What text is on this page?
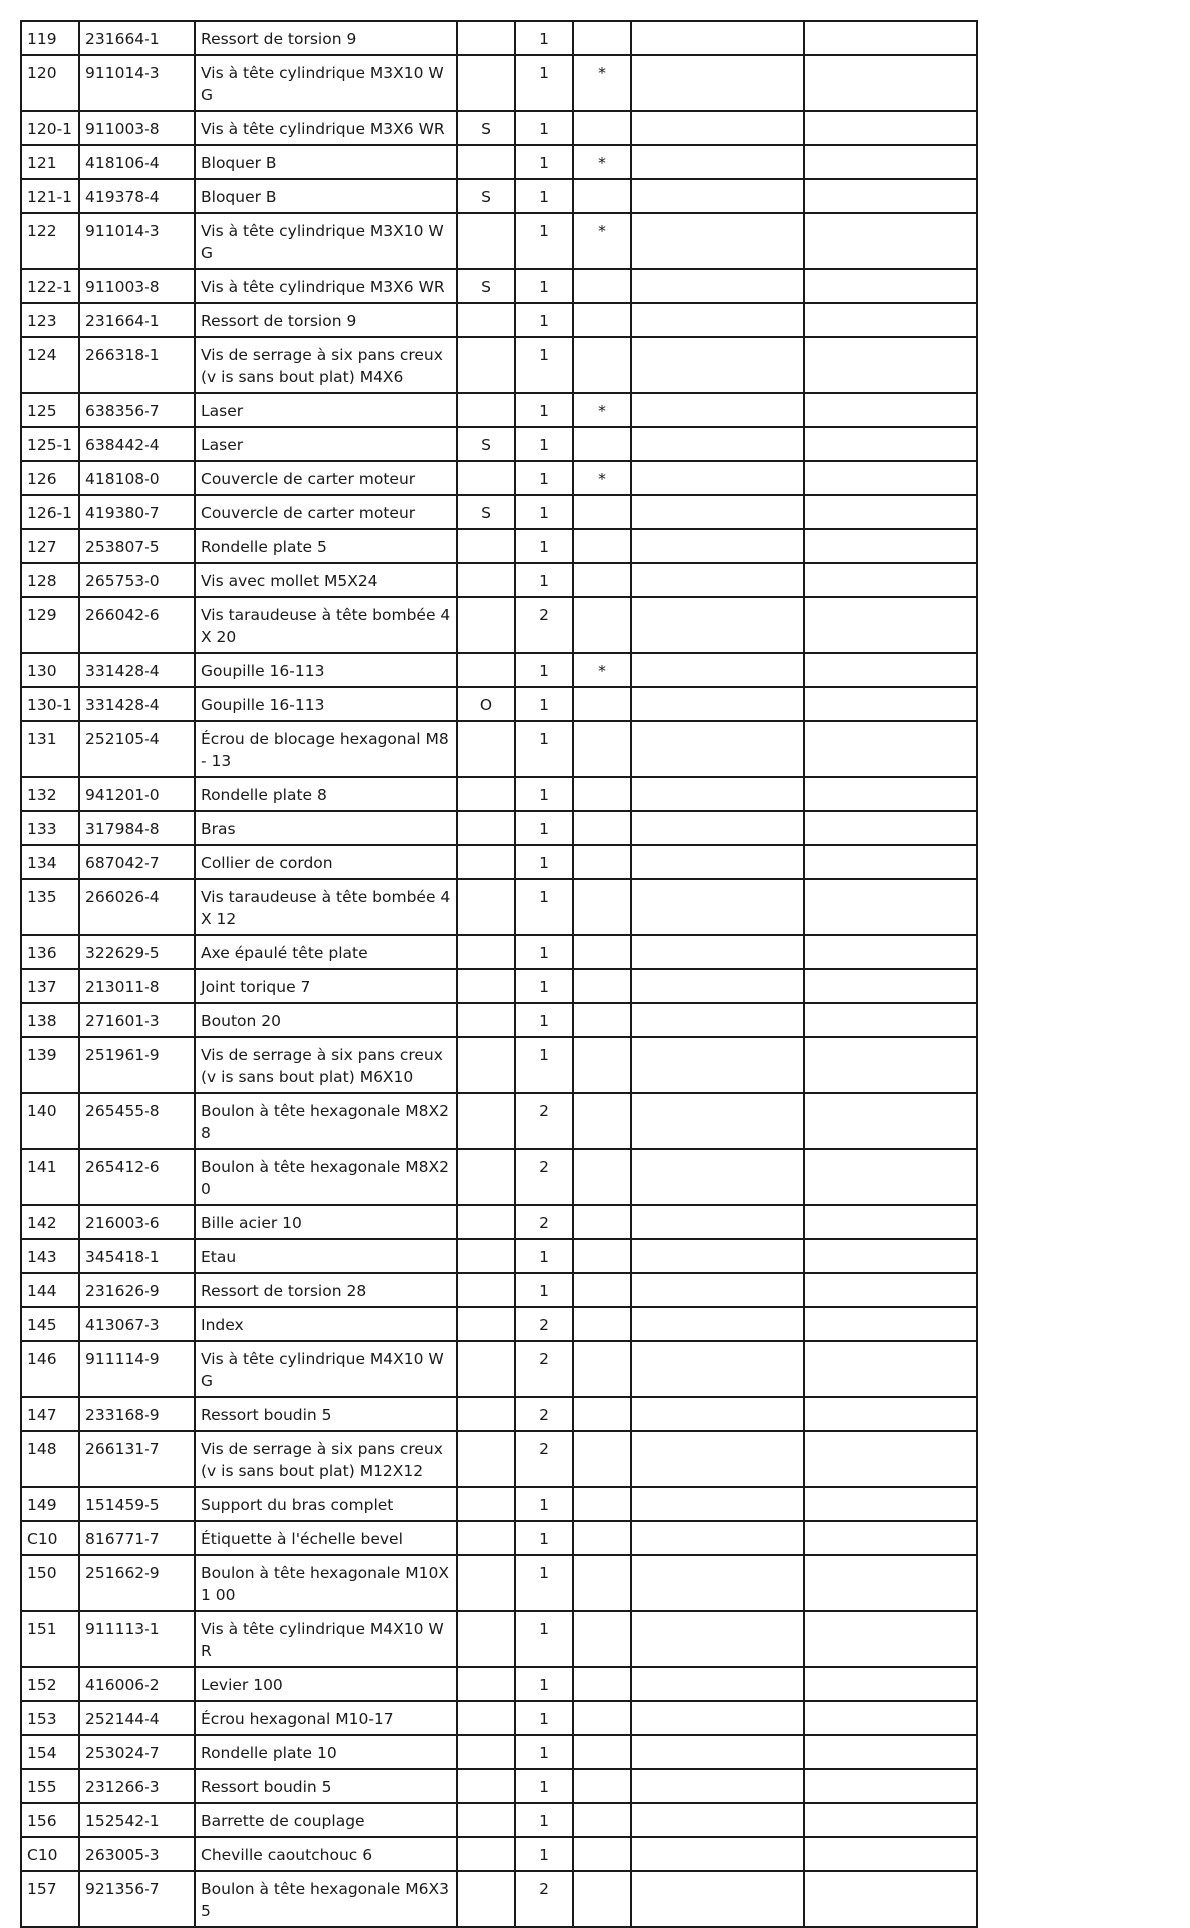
119	231664-1	Ressort de torsion 9		1			
120	911014-3	Vis à tête cylindrique M3X10 WG		1	*		
120-1	911003-8	Vis à tête cylindrique M3X6 WR	S	1			
121	418106-4	Bloquer B		1	*		
121-1	419378-4	Bloquer B	S	1			
122	911014-3	Vis à tête cylindrique M3X10 WG		1	*		
122-1	911003-8	Vis à tête cylindrique M3X6 WR	S	1			
123	231664-1	Ressort de torsion 9		1			
124	266318-1	Vis de serrage à six pans creux (v is sans bout plat) M4X6		1			
125	638356-7	Laser		1	*		
125-1	638442-4	Laser	S	1			
126	418108-0	Couvercle de carter moteur		1	*		
126-1	419380-7	Couvercle de carter moteur	S	1			
127	253807-5	Rondelle plate 5		1			
128	265753-0	Vis avec mollet M5X24		1			
129	266042-6	Vis taraudeuse à tête bombée 4X 20		2			
130	331428-4	Goupille 16-113		1	*		
130-1	331428-4	Goupille 16-113	O	1			
131	252105-4	Écrou de blocage hexagonal M8- 13		1			
132	941201-0	Rondelle plate 8		1			
133	317984-8	Bras		1			
134	687042-7	Collier de cordon		1			
135	266026-4	Vis taraudeuse à tête bombée 4X 12		1			
136	322629-5	Axe épaulé tête plate		1			
137	213011-8	Joint torique 7		1			
138	271601-3	Bouton 20		1			
139	251961-9	Vis de serrage à six pans creux (v is sans bout plat) M6X10		1			
140	265455-8	Boulon à tête hexagonale M8X28		2			
141	265412-6	Boulon à tête hexagonale M8X20		2			
142	216003-6	Bille acier 10		2			
143	345418-1	Etau		1			
144	231626-9	Ressort de torsion 28		1			
145	413067-3	Index		2			
146	911114-9	Vis à tête cylindrique M4X10 WG		2			
147	233168-9	Ressort boudin 5		2			
148	266131-7	Vis de serrage à six pans creux (v is sans bout plat) M12X12		2			
149	151459-5	Support du bras complet		1			
C10	816771-7	Étiquette à l'échelle bevel		1			
150	251662-9	Boulon à tête hexagonale M10X1 00		1			
151	911113-1	Vis à tête cylindrique M4X10 WR		1			
152	416006-2	Levier 100		1			
153	252144-4	Écrou hexagonal M10-17		1			
154	253024-7	Rondelle plate 10		1			
155	231266-3	Ressort boudin 5		1			
156	152542-1	Barrette de couplage		1			
C10	263005-3	Cheville caoutchouc 6		1			
157	921356-7	Boulon à tête hexagonale M6X35		2			
